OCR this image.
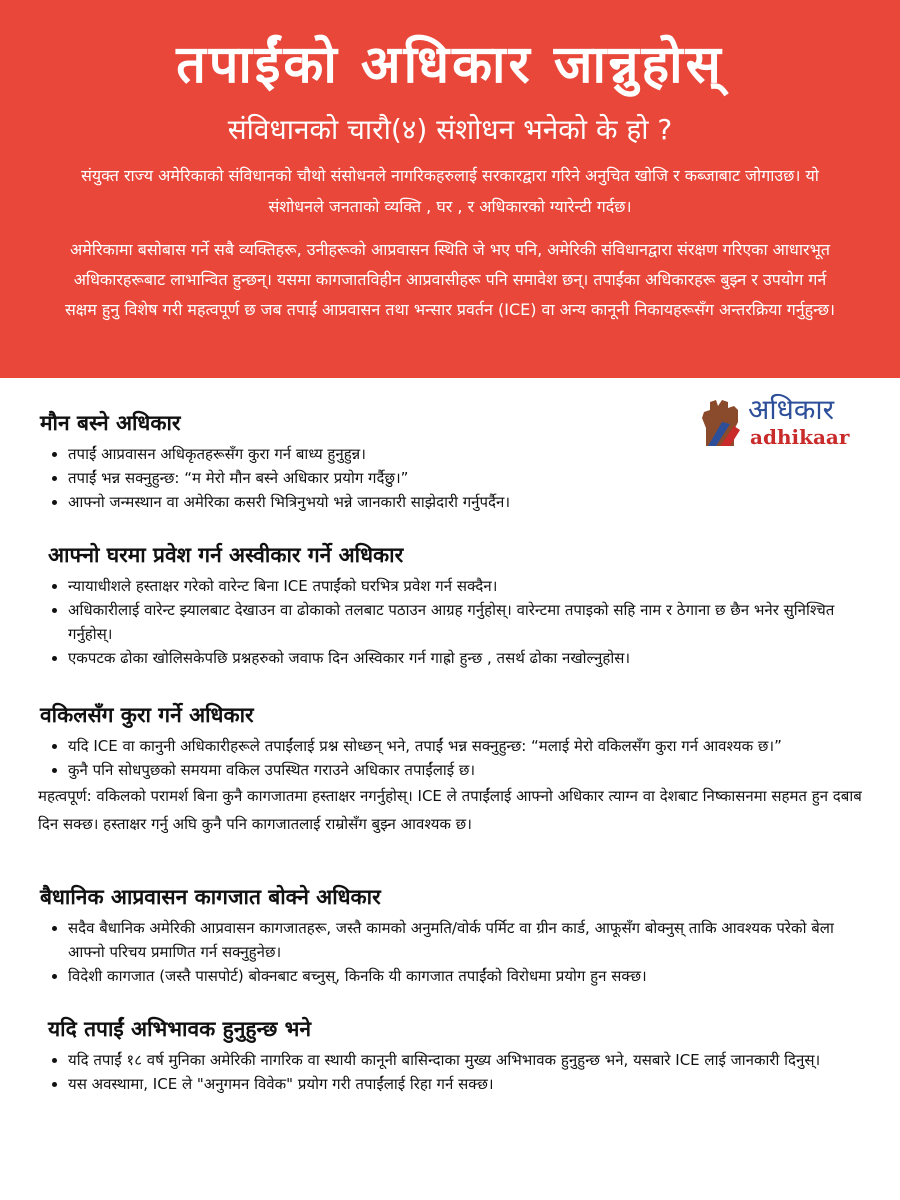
तपाईंको अधिकार जान्नुहोस्
संविधानको चारौ(४) संशोधन भनेको के हो ?

संयुक्त राज्य अमेरिकाको संविधानको चौथो संसोधनले नागरिकहरुलाई सरकारद्वारा गरिने अनुचित खोजि र कब्जाबाट जोगाउछ। यो संशोधनले जनताको व्यक्ति , घर , र अधिकारको ग्यारेन्टी गर्दछ।

अमेरिकामा बसोबास गर्ने सबै व्यक्तिहरू, उनीहरूको आप्रवासन स्थिति जे भए पनि, अमेरिकी संविधानद्वारा संरक्षण गरिएका आधारभूत अधिकारहरूबाट लाभान्वित हुन्छन्। यसमा कागजातविहीन आप्रवासीहरू पनि समावेश छन्। तपाईंका अधिकारहरू बुझ्न र उपयोग गर्न सक्षम हुनु विशेष गरी महत्वपूर्ण छ जब तपाईं आप्रवासन तथा भन्सार प्रवर्तन (ICE) वा अन्य कानूनी निकायहरूसँग अन्तरक्रिया गर्नुहुन्छ।

अधिकार
adhikaar
मौन बस्ने अधिकार
• तपाईं आप्रवासन अधिकृतहरूसँग कुरा गर्न बाध्य हुनुहुन्न।
• तपाईं भन्न सक्नुहुन्छ: “म मेरो मौन बस्ने अधिकार प्रयोग गर्दैछु।”
• आफ्नो जन्मस्थान वा अमेरिका कसरी भित्रिनुभयो भन्ने जानकारी साझेदारी गर्नुपर्दैन।
आफ्नो घरमा प्रवेश गर्न अस्वीकार गर्ने अधिकार
• न्यायाधीशले हस्ताक्षर गरेको वारेन्ट बिना ICE तपाईंको घरभित्र प्रवेश गर्न सक्दैन।
• अधिकारीलाई वारेन्ट झ्यालबाट देखाउन वा ढोकाको तलबाट पठाउन आग्रह गर्नुहोस्। वारेन्टमा तपाइको सहि नाम र ठेगाना छ छैन भनेर सुनिश्चित गर्नुहोस्।
• एकपटक ढोका खोलिसकेपछि प्रश्नहरुको जवाफ दिन अस्विकार गर्न गाह्रो हुन्छ , तसर्थ ढोका नखोल्नुहोस।
वकिलसँग कुरा गर्ने अधिकार
• यदि ICE वा कानुनी अधिकारीहरूले तपाईंलाई प्रश्न सोध्छन् भने, तपाईं भन्न सक्नुहुन्छ: “मलाई मेरो वकिलसँग कुरा गर्न आवश्यक छ।”
• कुनै पनि सोधपुछको समयमा वकिल उपस्थित गराउने अधिकार तपाईंलाई छ।

महत्वपूर्ण: वकिलको परामर्श बिना कुनै कागजातमा हस्ताक्षर नगर्नुहोस्। ICE ले तपाईंलाई आफ्नो अधिकार त्याग्न वा देशबाट निष्कासनमा सहमत हुन दबाब दिन सक्छ। हस्ताक्षर गर्नु अघि कुनै पनि कागजातलाई राम्रोसँग बुझ्न आवश्यक छ।

बैधानिक आप्रवासन कागजात बोक्ने अधिकार
• सदैव बैधानिक अमेरिकी आप्रवासन कागजातहरू, जस्तै कामको अनुमति/वोर्क पर्मिट वा ग्रीन कार्ड, आफूसँग बोक्नुस् ताकि आवश्यक परेको बेला आफ्नो परिचय प्रमाणित गर्न सक्नुहुनेछ।
• विदेशी कागजात (जस्तै पासपोर्ट) बोक्नबाट बच्नुस्, किनकि यी कागजात तपाईंको विरोधमा प्रयोग हुन सक्छ।
यदि तपाईं अभिभावक हुनुहुन्छ भने
• यदि तपाईं १८ वर्ष मुनिका अमेरिकी नागरिक वा स्थायी कानूनी बासिन्दाका मुख्य अभिभावक हुनुहुन्छ भने, यसबारे ICE लाई जानकारी दिनुस्।
• यस अवस्थामा, ICE ले "अनुगमन विवेक" प्रयोग गरी तपाईंलाई रिहा गर्न सक्छ।
